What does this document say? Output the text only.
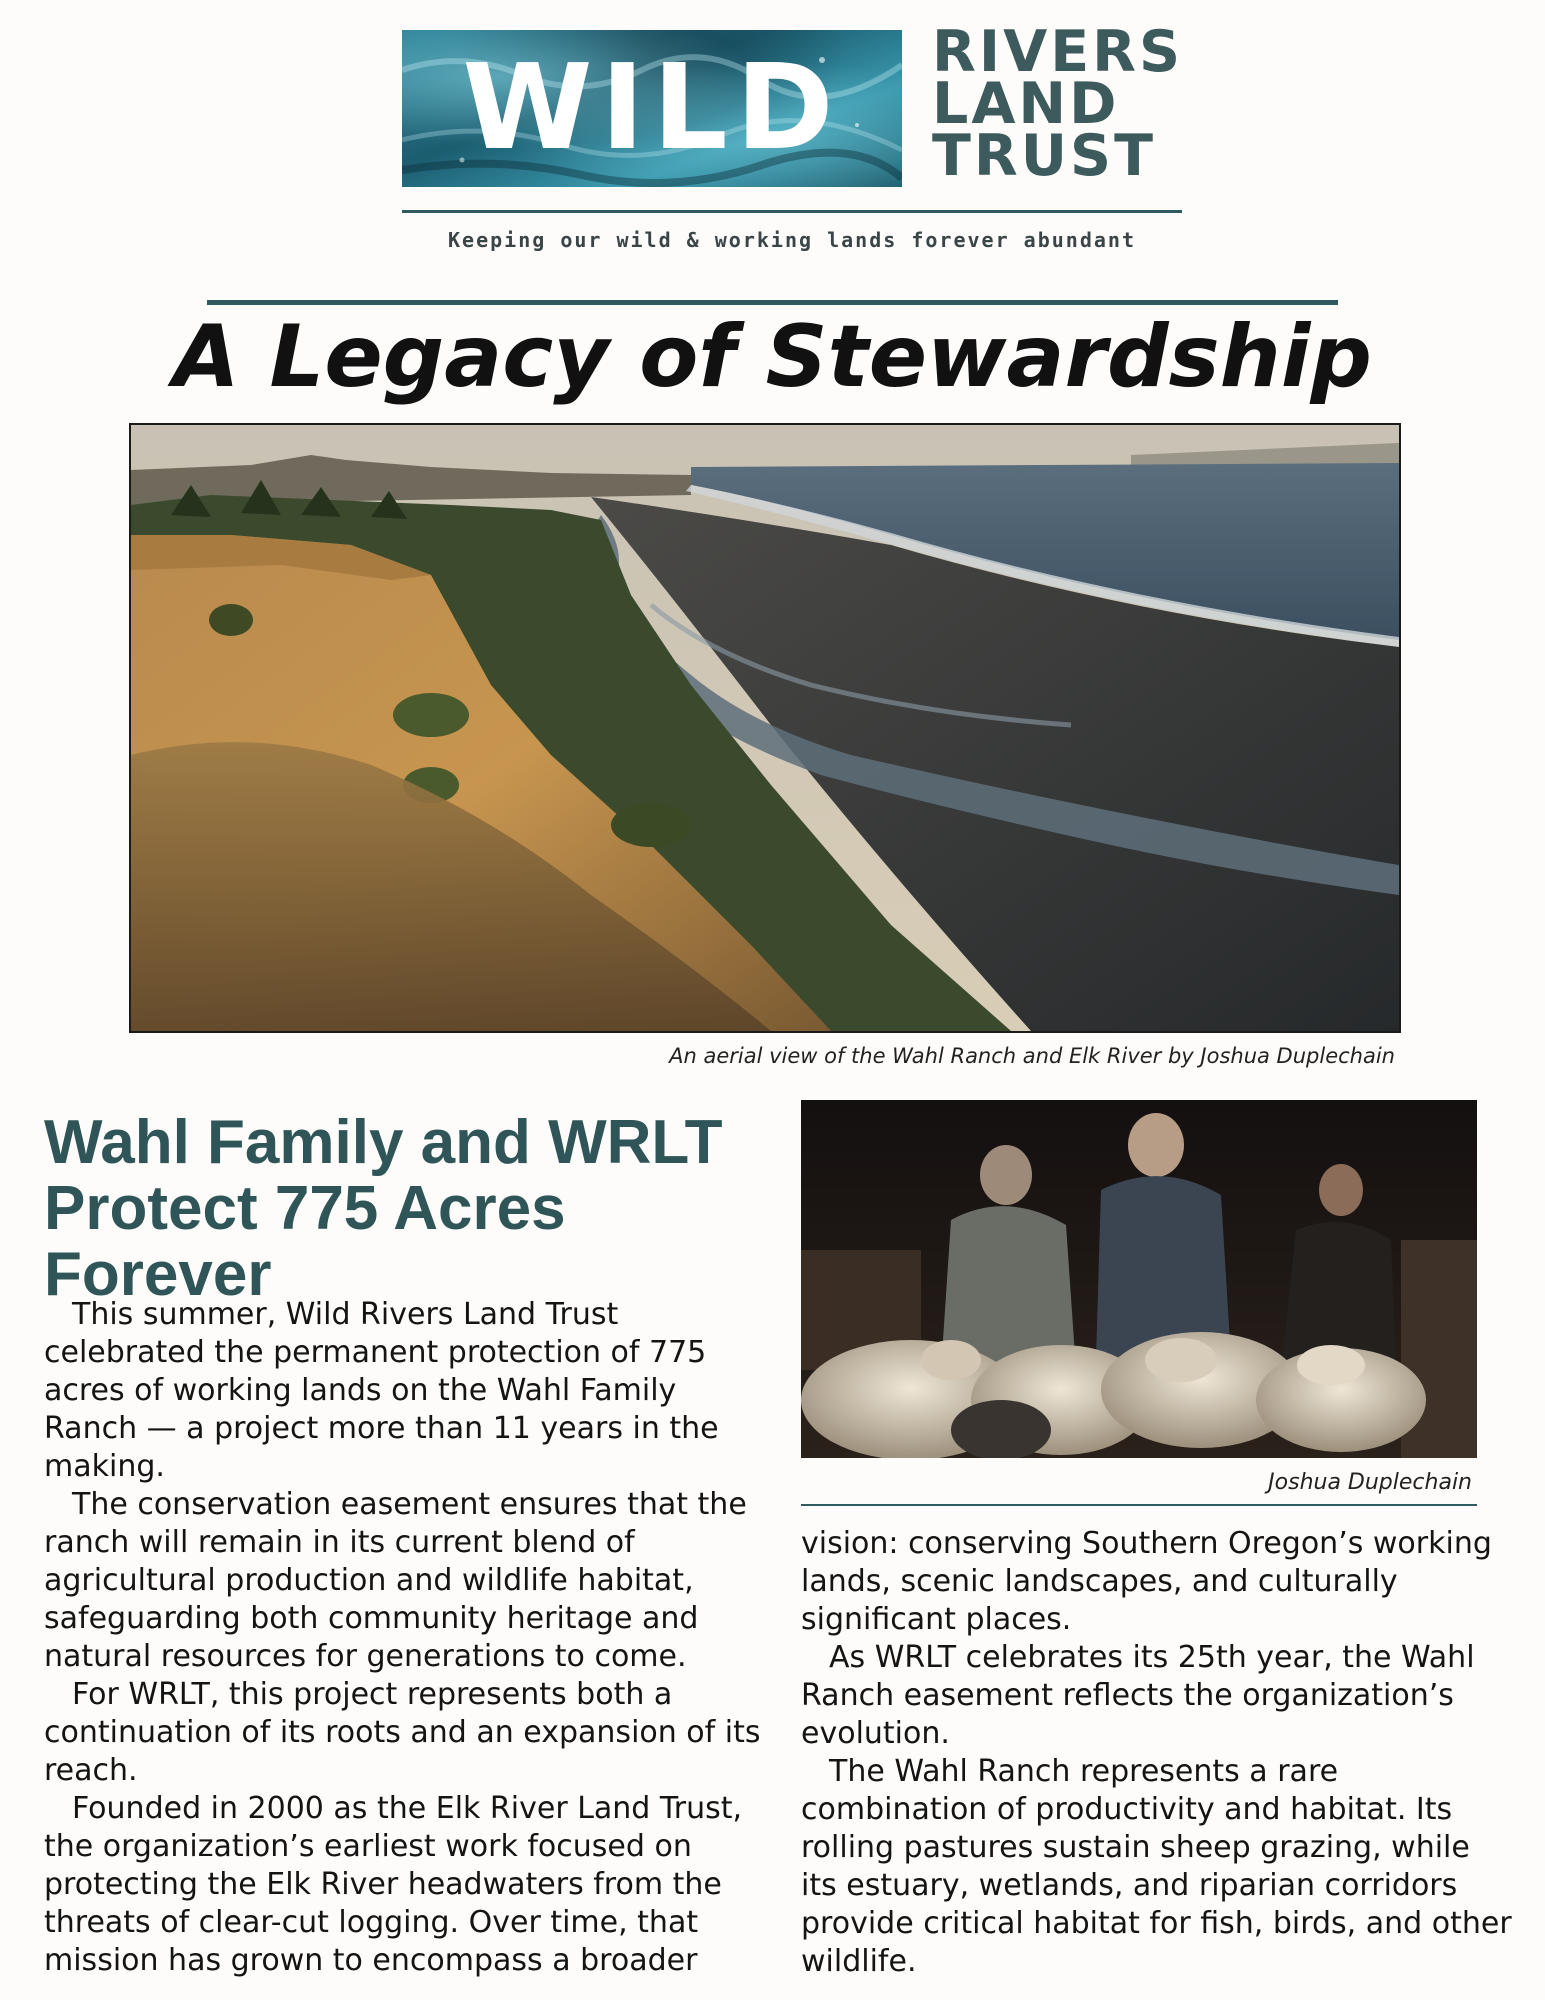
WILD	RIVERS
LAND
TRUST
Keeping our wild & working lands forever abundant
A Legacy of Stewardship
An aerial view of the Wahl Ranch and Elk River by Joshua Duplechain
Wahl Family and WRLT Protect 775 Acres Forever
Joshua Duplechain

This summer, Wild Rivers Land Trust celebrated the permanent protection of 775 acres of working lands on the Wahl Family Ranch — a project more than 11 years in the making.

The conservation easement ensures that the ranch will remain in its current blend of agricultural production and wildlife habitat, safeguarding both community heritage and natural resources for generations to come.

For WRLT, this project represents both a continuation of its roots and an expansion of its reach.

Founded in 2000 as the Elk River Land Trust, the organization’s earliest work focused on protecting the Elk River headwaters from the threats of clear-cut logging. Over time, that mission has grown to encompass a broader

vision: conserving Southern Oregon’s working lands, scenic landscapes, and culturally significant places.

As WRLT celebrates its 25th year, the Wahl Ranch easement reflects the organization’s evolution.

The Wahl Ranch represents a rare combination of productivity and habitat. Its rolling pastures sustain sheep grazing, while its estuary, wetlands, and riparian corridors provide critical habitat for fish, birds, and other wildlife.
